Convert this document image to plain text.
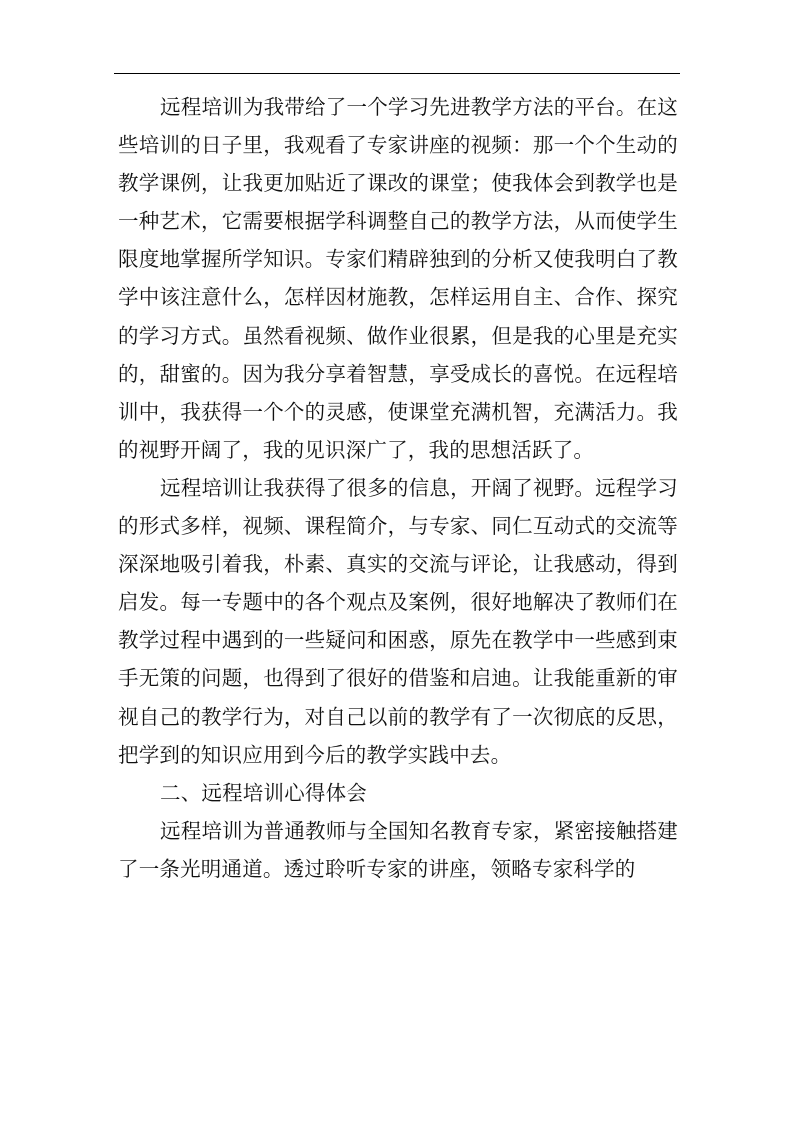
远程培训为我带给了一个学习先进教学方法的平台。在这些培训的日子里，我观看了专家讲座的视频：那一个个生动的教学课例，让我更加贴近了课改的课堂；使我体会到教学也是一种艺术，它需要根据学科调整自己的教学方法，从而使学生限度地掌握所学知识。专家们精辟独到的分析又使我明白了教学中该注意什么，怎样因材施教，怎样运用自主、合作、探究的学习方式。虽然看视频、做作业很累，但是我的心里是充实的，甜蜜的。因为我分享着智慧，享受成长的喜悦。在远程培训中，我获得一个个的灵感，使课堂充满机智，充满活力。我的视野开阔了，我的见识深广了，我的思想活跃了。

远程培训让我获得了很多的信息，开阔了视野。远程学习的形式多样，视频、课程简介，与专家、同仁互动式的交流等深深地吸引着我，朴素、真实的交流与评论，让我感动，得到启发。每一专题中的各个观点及案例，很好地解决了教师们在教学过程中遇到的一些疑问和困惑，原先在教学中一些感到束手无策的问题，也得到了很好的借鉴和启迪。让我能重新的审视自己的教学行为，对自己以前的教学有了一次彻底的反思，把学到的知识应用到今后的教学实践中去。

二、远程培训心得体会

远程培训为普通教师与全国知名教育专家，紧密接触搭建了一条光明通道。透过聆听专家的讲座，领略专家科学的
